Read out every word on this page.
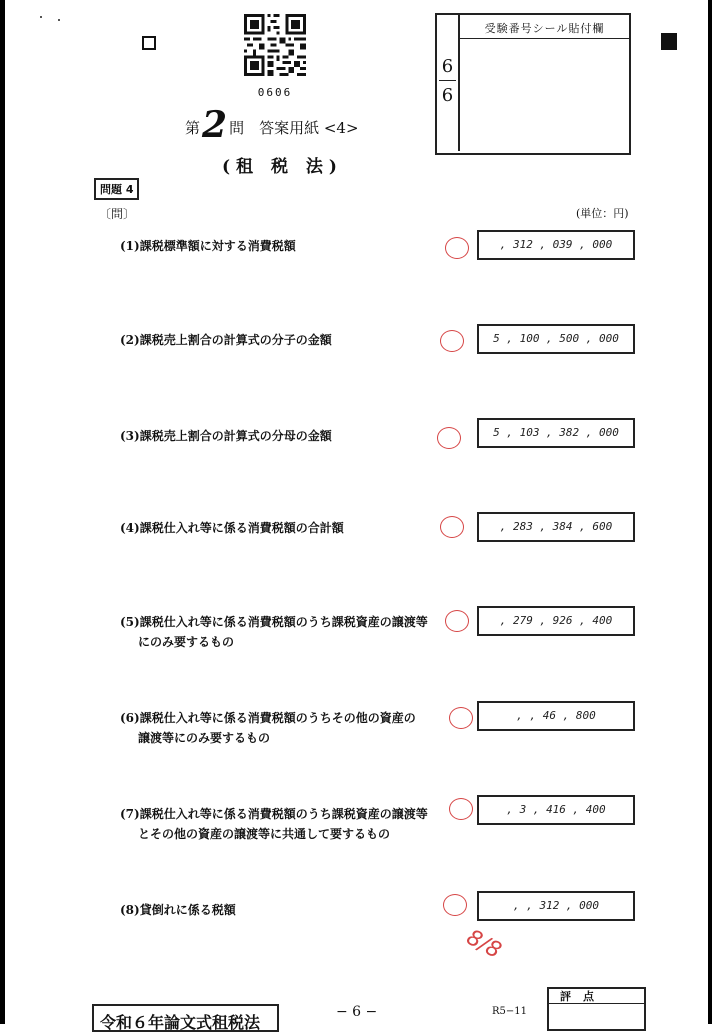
0606
第2 問　答案用紙 <4>
(租 税 法)
受験番号シール貼付欄
6
6
問題 4
〔問〕	(単位：円)
(1)課税標準額に対する消費税額	, 312 , 039 , 000
(2)課税売上割合の計算式の分子の金額	5 , 100 , 500 , 000
(3)課税売上割合の計算式の分母の金額	5 , 103 , 382 , 000
(4)課税仕入れ等に係る消費税額の合計額	, 283 , 384 , 600
(5)課税仕入れ等に係る消費税額のうち課税資産の譲渡等
にのみ要するもの
, 279 , 926 , 400
(6)課税仕入れ等に係る消費税額のうちその他の資産の
譲渡等にのみ要するもの
, , 46 , 800
(7)課税仕入れ等に係る消費税額のうち課税資産の譲渡等
とその他の資産の譲渡等に共通して要するもの
, 3 , 416 , 400
(8)貸倒れに係る税額	, , 312 , 000
8/8
令和６年論文式租税法
− 6 −	R5−11
評点
